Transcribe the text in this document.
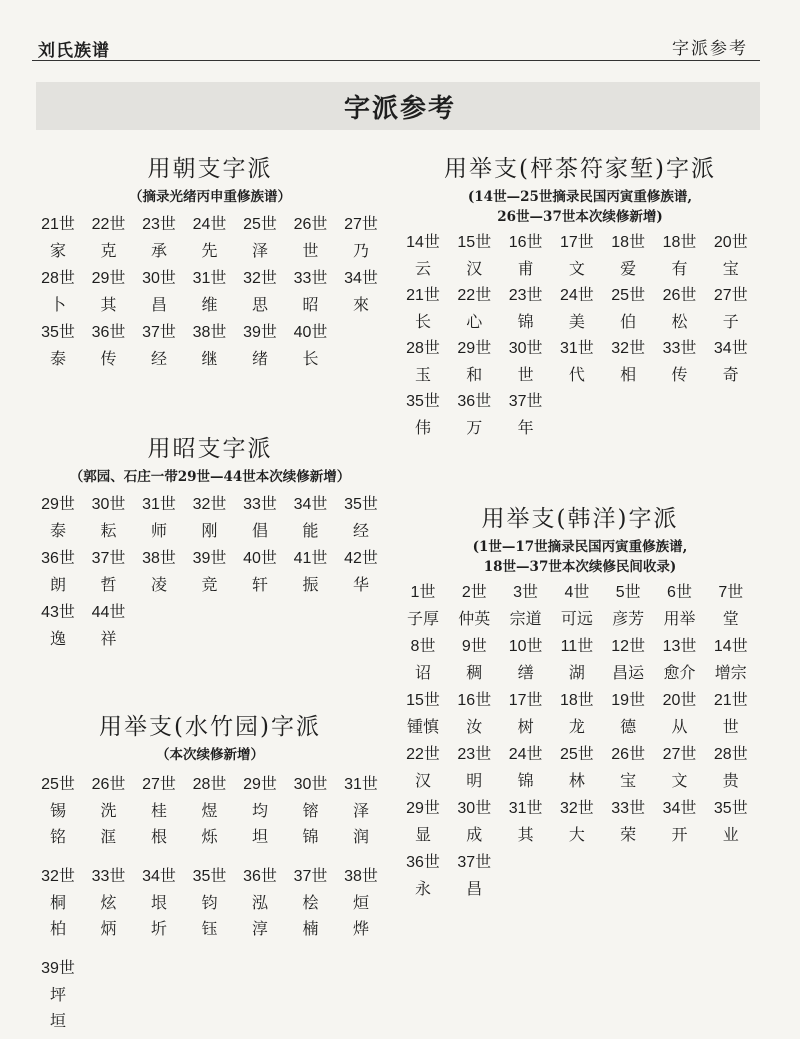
刘氏族谱	字派参考
字派参考
用朝支字派
（摘录光绪丙申重修族谱）
用昭支字派
（郭园、石庄一带29世—44世本次续修新增）
用举支(水竹园)字派
（本次续修新增）
用举支(枰茶符家堑)字派
(14世—25世摘录民国丙寅重修族谱,
26世—37世本次续修新增)
用举支(韩洋)字派
(1世—17世摘录民国丙寅重修族谱,
18世—37世本次续修民间收录)
21世
家
22世
克
23世
承
24世
先
25世
泽
26世
世
27世
乃
28世
卜
29世
其
30世
昌
31世
维
32世
思
33世
昭
34世
來
35世
泰
36世
传
37世
经
38世
继
39世
绪
40世
长
29世
泰
30世
耘
31世
师
32世
刚
33世
倡
34世
能
35世
经
36世
朗
37世
哲
38世
凌
39世
竞
40世
轩
41世
振
42世
华
43世
逸
44世
祥
25世
锡
铭
26世
洗
洭
27世
桂
根
28世
煜
烁
29世
均
坦
30世
镕
锦
31世
泽
润
32世
桐
柏
33世
炫
炳
34世
垠
圻
35世
钧
钰
36世
泓
淳
37世
桧
楠
38世
烜
烨
39世
坪
垣
14世
云
15世
汉
16世
甫
17世
文
18世
爱
18世
有
20世
宝
21世
长
22世
心
23世
锦
24世
美
25世
伯
26世
松
27世
子
28世
玉
29世
和
30世
世
31世
代
32世
相
33世
传
34世
奇
35世
伟
36世
万
37世
年
1世
子厚
2世
仲英
3世
宗道
4世
可远
5世
彦芳
6世
用举
7世
堂
8世
诏
9世
稠
10世
缮
11世
湖
12世
昌运
13世
愈介
14世
增宗
15世
锺慎
16世
汝
17世
树
18世
龙
19世
德
20世
从
21世
世
22世
汉
23世
明
24世
锦
25世
林
26世
宝
27世
文
28世
贵
29世
显
30世
成
31世
其
32世
大
33世
荣
34世
开
35世
业
36世
永
37世
昌
